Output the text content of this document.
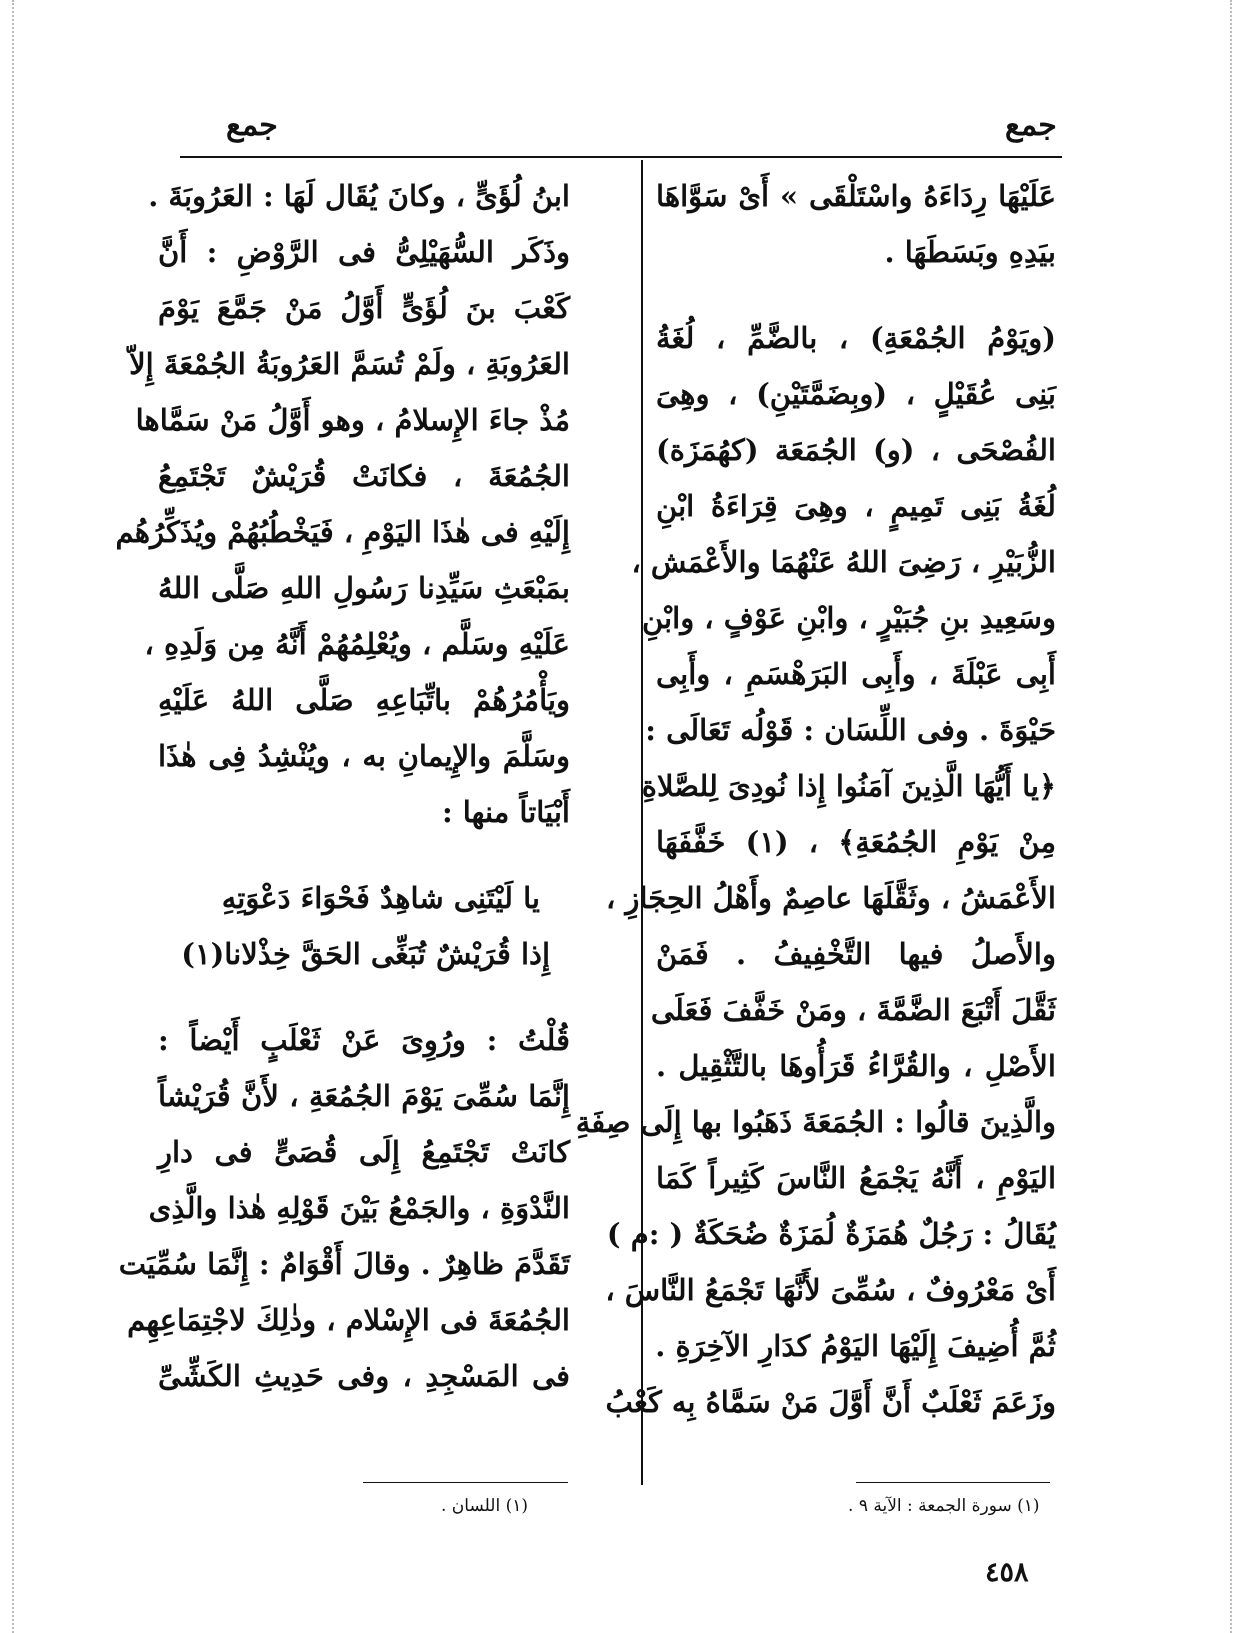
جمع
جمع

عَلَيْهَا رِدَاءَهُ واسْتَلْقَى » أَىْ سَوَّاهَا

بيَدِهِ وبَسَطَهَا .

(ويَوْمُ الجُمْعَةِ) ، بالضَّمِّ ، لُغَةُ

بَنِى عُقَيْلٍ ، (وبِضَمَّتَيْنِ) ، وهِىَ

الفُصْحَى ، (و) الجُمَعَة (كهُمَزَة)

لُغَةُ بَنِى تَمِيمٍ ، وهِىَ قِرَاءَةُ ابْنِ

الزُّبَيْرِ ، رَضِىَ اللهُ عَنْهُمَا والأَعْمَش ،

وسَعِيدِ بنِ جُبَيْرٍ ، وابْنِ عَوْفٍ ، وابْنِ

أَبِى عَبْلَةَ ، وأَبِى البَرَهْسَمِ ، وأَبِى

حَيْوَةَ . وفى اللِّسَان : قَوْلُه تَعَالَى :

﴿يا أَيُّهَا الَّذِينَ آمَنُوا إِذا نُودِىَ لِلصَّلاةِ

مِنْ يَوْمِ الجُمُعَةِ﴾ ، (١) خَفَّفَهَا

الأَعْمَشُ ، وثَقَّلَهَا عاصِمٌ وأَهْلُ الحِجَازِ ،

والأَصلُ فيها التَّخْفِيفُ . فَمَنْ

ثَقَّلَ أَتْبَعَ الضَّمَّةَ ، ومَنْ خَفَّفَ فَعَلَى

الأَصْلِ ، والقُرَّاءُ قَرَأُوهَا بالتَّثْقِيل .

والَّذِينَ قالُوا : الجُمَعَةَ ذَهَبُوا بها إِلَى صِفَةِ

اليَوْمِ ، أَنَّهُ يَجْمَعُ النَّاسَ كَثِيراً كَمَا

يُقَالُ : رَجُلٌ هُمَزَةٌ لُمَزَةٌ ضُحَكَةٌ ( :م )

أَىْ مَعْرُوفٌ ، سُمِّىَ لأَنَّهَا تَجْمَعُ النَّاسَ ،

ثُمَّ أُضِيفَ إِلَيْهَا اليَوْمُ كدَارِ الآخِرَةِ .

وزَعَمَ ثَعْلَبٌ أَنَّ أَوَّلَ مَنْ سَمَّاهُ بِه كَعْبُ

ابنُ لُؤَىٍّ ، وكانَ يُقَال لَهَا : العَرُوبَةَ .

وذَكَر السُّهَيْلِىُّ فى الرَّوْضِ : أَنَّ

كَعْبَ بنَ لُؤَىٍّ أَوَّلُ مَنْ جَمَّعَ يَوْمَ

العَرُوبَةِ ، ولَمْ تُسَمَّ العَرُوبَةُ الجُمْعَةَ إِلاّ

مُذْ جاءَ الإِسلامُ ، وهو أَوَّلُ مَنْ سَمَّاها

الجُمُعَةَ ، فكانَتْ قُرَيْشٌ تَجْتَمِعُ

إِلَيْهِ فى هٰذَا اليَوْمِ ، فَيَخْطُبُهُمْ ويُذَكِّرُهُم

بمَبْعَثِ سَيِّدِنا رَسُولِ اللهِ صَلَّى اللهُ

عَلَيْهِ وسَلَّم ، ويُعْلِمُهُمْ أَنَّهُ مِن وَلَدِهِ ،

ويَأْمُرُهُمْ باتِّبَاعِهِ صَلَّى اللهُ عَلَيْهِ

وسَلَّمَ والإِيمانِ به ، ويُنْشِدُ فِى هٰذَا

أَبْيَاتاً منها :

يا لَيْتَنِى شاهِدٌ فَحْوَاءَ دَعْوَتِهِ

إِذا قُرَيْشٌ تُبَغِّى الحَقَّ خِذْلانا(١)

قُلْتُ : ورُوِىَ عَنْ ثَعْلَبٍ أَيْضاً :

إِنَّمَا سُمِّىَ يَوْمَ الجُمُعَةِ ، لأَنَّ قُرَيْشاً

كانَتْ تَجْتَمِعُ إِلَى قُصَىٍّ فى دارِ

النَّدْوَةِ ، والجَمْعُ بَيْنَ قَوْلِهِ هٰذا والَّذِى

تَقَدَّمَ ظاهِرٌ . وقالَ أَقْوَامٌ : إِنَّمَا سُمِّيَت

الجُمُعَةَ فى الإِسْلام ، وذٰلِكَ لاجْتِمَاعِهِم

فى المَسْجِدِ ، وفى حَدِيثِ الكَشِّىِّ

(١) سورة الجمعة : الآية ٩ .
(١) اللسان .
٤٥٨
